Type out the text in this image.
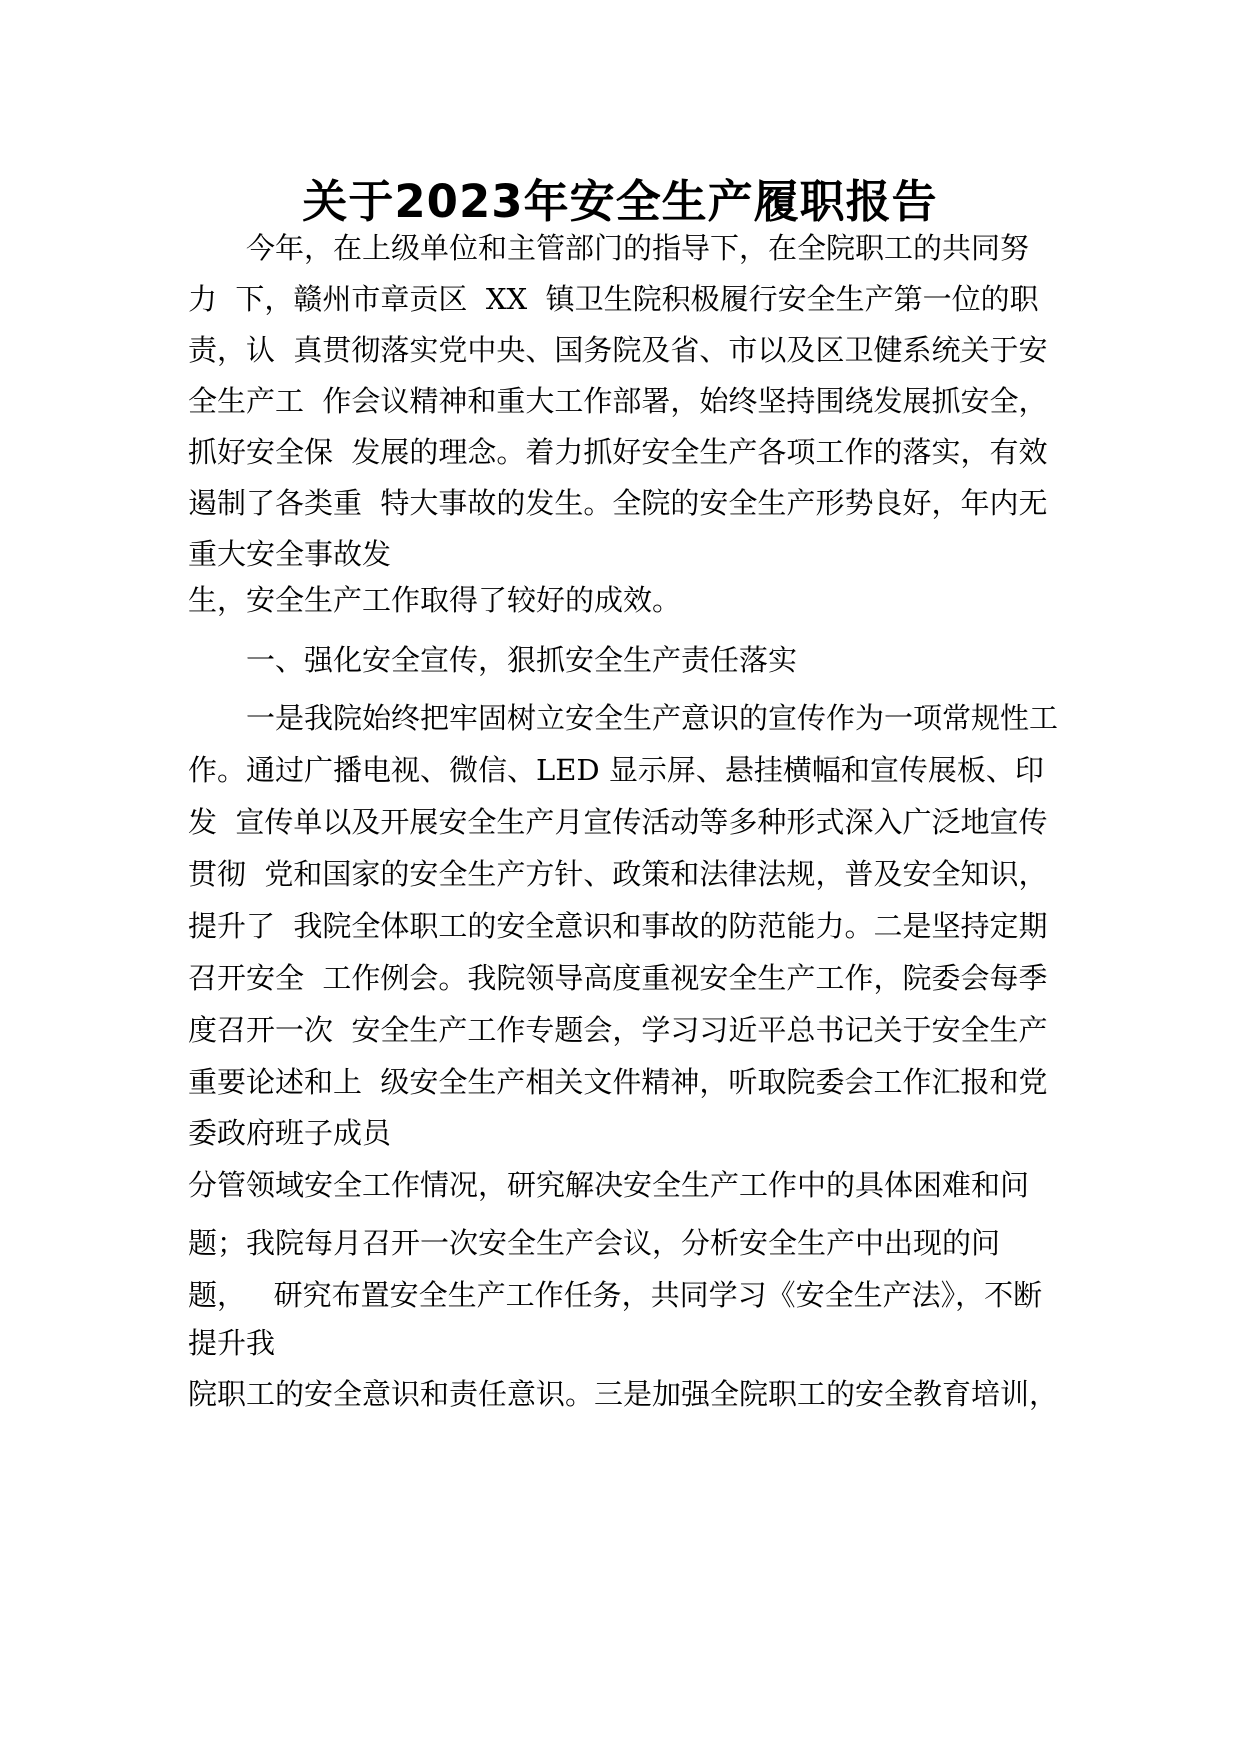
关于2023年安全生产履职报告
今年，在上级单位和主管部门的指导下，在全院职工的共同努
力  下，赣州市章贡区  XX  镇卫生院积极履行安全生产第一位的职
责，认  真贯彻落实党中央、国务院及省、市以及区卫健系统关于安
全生产工  作会议精神和重大工作部署，始终坚持围绕发展抓安全，
抓好安全保  发展的理念。着力抓好安全生产各项工作的落实，有效
遏制了各类重  特大事故的发生。全院的安全生产形势良好，年内无
重大安全事故发
生，安全生产工作取得了较好的成效。
一、强化安全宣传，狠抓安全生产责任落实
一是我院始终把牢固树立安全生产意识的宣传作为一项常规性工
作。通过广播电视、微信、LED 显示屏、悬挂横幅和宣传展板、印
发  宣传单以及开展安全生产月宣传活动等多种形式深入广泛地宣传
贯彻  党和国家的安全生产方针、政策和法律法规，普及安全知识，
提升了  我院全体职工的安全意识和事故的防范能力。二是坚持定期
召开安全  工作例会。我院领导高度重视安全生产工作，院委会每季
度召开一次  安全生产工作专题会，学习习近平总书记关于安全生产
重要论述和上  级安全生产相关文件精神，听取院委会工作汇报和党
委政府班子成员
分管领域安全工作情况，研究解决安全生产工作中的具体困难和问
题；我院每月召开一次安全生产会议，分析安全生产中出现的问
题，   研究布置安全生产工作任务，共同学习《安全生产法》，不断
提升我
院职工的安全意识和责任意识。三是加强全院职工的安全教育培训，
